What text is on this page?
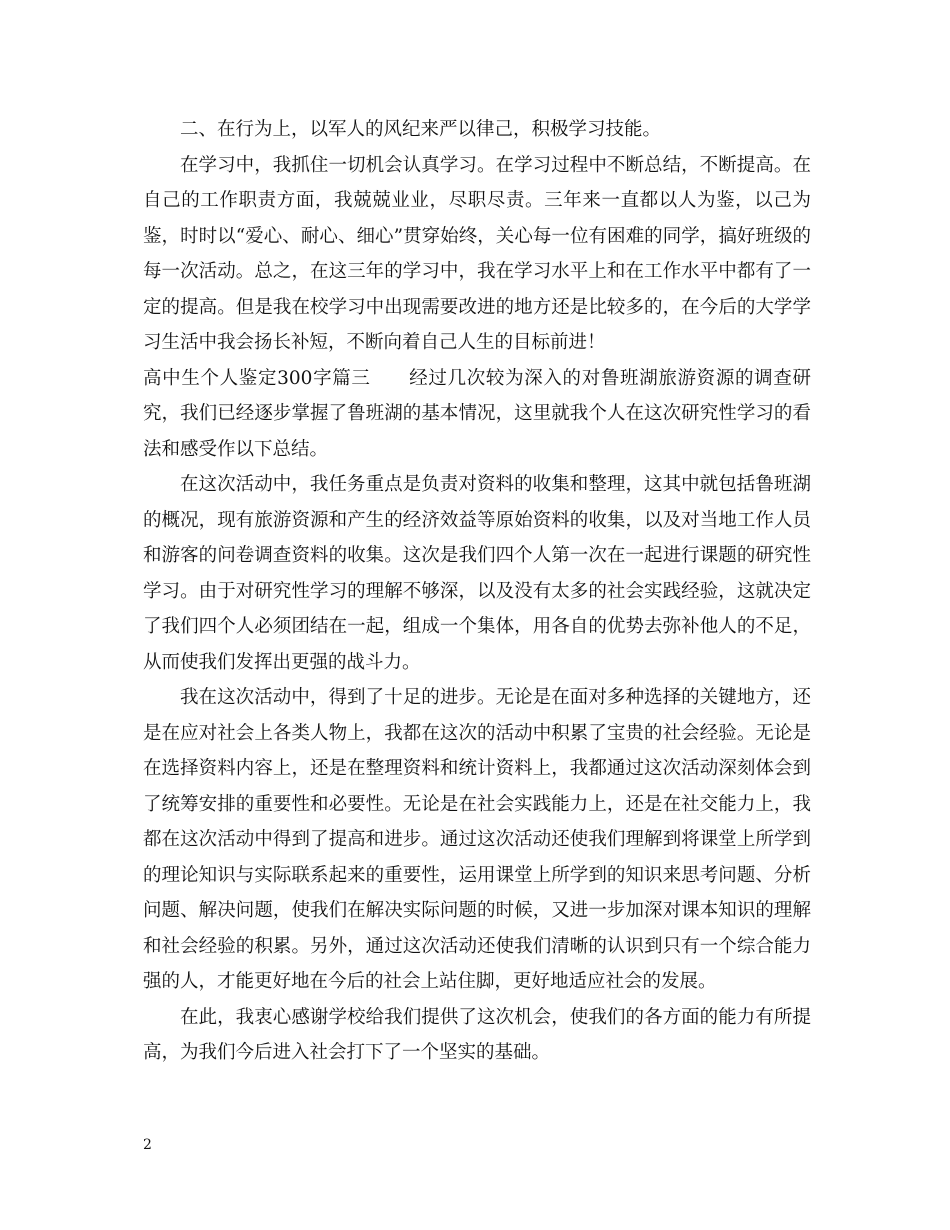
二、在行为上，以军人的风纪来严以律己，积极学习技能。

在学习中，我抓住一切机会认真学习。在学习过程中不断总结，不断提高。在自己的工作职责方面，我兢兢业业，尽职尽责。三年来一直都以人为鉴，以己为鉴，时时以“爱心、耐心、细心”贯穿始终，关心每一位有困难的同学，搞好班级的每一次活动。总之，在这三年的学习中，我在学习水平上和在工作水平中都有了一定的提高。但是我在校学习中出现需要改进的地方还是比较多的，在今后的大学学习生活中我会扬长补短，不断向着自己人生的目标前进！

高中生个人鉴定300字篇三 经过几次较为深入的对鲁班湖旅游资源的调查研究，我们已经逐步掌握了鲁班湖的基本情况，这里就我个人在这次研究性学习的看法和感受作以下总结。

在这次活动中，我任务重点是负责对资料的收集和整理，这其中就包括鲁班湖的概况，现有旅游资源和产生的经济效益等原始资料的收集，以及对当地工作人员和游客的问卷调查资料的收集。这次是我们四个人第一次在一起进行课题的研究性学习。由于对研究性学习的理解不够深，以及没有太多的社会实践经验，这就决定了我们四个人必须团结在一起，组成一个集体，用各自的优势去弥补他人的不足，从而使我们发挥出更强的战斗力。

我在这次活动中，得到了十足的进步。无论是在面对多种选择的关键地方，还是在应对社会上各类人物上，我都在这次的活动中积累了宝贵的社会经验。无论是在选择资料内容上，还是在整理资料和统计资料上，我都通过这次活动深刻体会到了统筹安排的重要性和必要性。无论是在社会实践能力上，还是在社交能力上，我都在这次活动中得到了提高和进步。通过这次活动还使我们理解到将课堂上所学到的理论知识与实际联系起来的重要性，运用课堂上所学到的知识来思考问题、分析问题、解决问题，使我们在解决实际问题的时候，又进一步加深对课本知识的理解和社会经验的积累。另外，通过这次活动还使我们清晰的认识到只有一个综合能力强的人，才能更好地在今后的社会上站住脚，更好地适应社会的发展。

在此，我衷心感谢学校给我们提供了这次机会，使我们的各方面的能力有所提高，为我们今后进入社会打下了一个坚实的基础。

2
